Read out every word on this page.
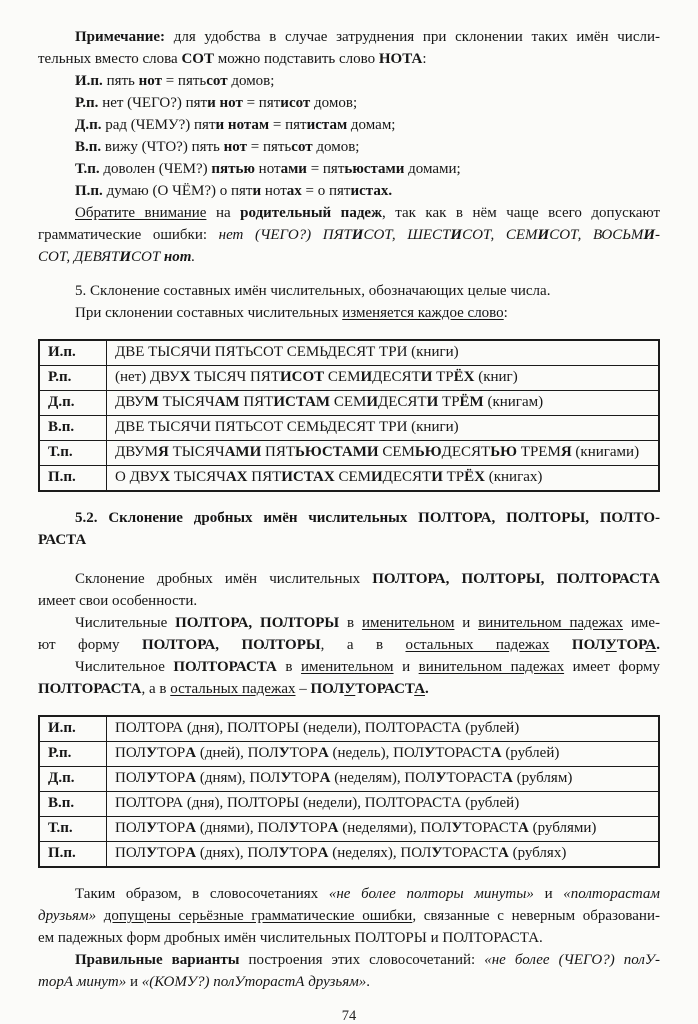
Примечание: для удобства в случае затруднения при склонении таких имён числи-
тельных вместо слова СОТ можно подставить слово НОТА:
И.п. пять нот = пятьсот домов;
Р.п. нет (ЧЕГО?) пяти нот = пятисот домов;
Д.п. рад (ЧЕМУ?) пяти нотам = пятистам домам;
В.п. вижу (ЧТО?) пять нот = пятьсот домов;
Т.п. доволен (ЧЕМ?) пятью нотами = пятьюстами домами;
П.п. думаю (О ЧЁМ?) о пяти нотах = о пятистах.
Обратите внимание на родительный падеж, так как в нём чаще всего допускают
грамматические ошибки: нет (ЧЕГО?) ПЯТИСОТ, ШЕСТИСОТ, СЕМИСОТ, ВОСЬМИ-
СОТ, ДЕВЯТИСОТ нот.
5. Склонение составных имён числительных, обозначающих целые числа.
При склонении составных числительных изменяется каждое слово:
И.п.	ДВЕ ТЫСЯЧИ ПЯТЬСОТ СЕМЬДЕСЯТ ТРИ (книги)
Р.п.	(нет) ДВУХ ТЫСЯЧ ПЯТИСОТ СЕМИДЕСЯТИ ТРЁХ (книг)
Д.п.	ДВУМ ТЫСЯЧАМ ПЯТИСТАМ СЕМИДЕСЯТИ ТРЁМ (книгам)
В.п.	ДВЕ ТЫСЯЧИ ПЯТЬСОТ СЕМЬДЕСЯТ ТРИ (книги)
Т.п.	ДВУМЯ ТЫСЯЧАМИ ПЯТЬЮСТАМИ СЕМЬЮДЕСЯТЬЮ ТРЕМЯ (книгами)
П.п.	О ДВУХ ТЫСЯЧАХ ПЯТИСТАХ СЕМИДЕСЯТИ ТРЁХ (книгах)
5.2. Склонение дробных имён числительных ПОЛТОРА, ПОЛТОРЫ, ПОЛТО-
РАСТА
Склонение дробных имён числительных ПОЛТОРА, ПОЛТОРЫ, ПОЛТОРАСТА
имеет свои особенности.
Числительные ПОЛТОРА, ПОЛТОРЫ в именительном и винительном падежах име-
ют форму ПОЛТОРА, ПОЛТОРЫ, а в остальных падежах ПОЛУТОРА.
Числительное ПОЛТОРАСТА в именительном и винительном падежах имеет форму
ПОЛТОРАСТА, а в остальных падежах – ПОЛУТОРАСТА.
И.п.	ПОЛТОРА (дня), ПОЛТОРЫ (недели), ПОЛТОРАСТА (рублей)
Р.п.	ПОЛУТОРА (дней), ПОЛУТОРА (недель), ПОЛУТОРАСТА (рублей)
Д.п.	ПОЛУТОРА (дням), ПОЛУТОРА (неделям), ПОЛУТОРАСТА (рублям)
В.п.	ПОЛТОРА (дня), ПОЛТОРЫ (недели), ПОЛТОРАСТА (рублей)
Т.п.	ПОЛУТОРА (днями), ПОЛУТОРА (неделями), ПОЛУТОРАСТА (рублями)
П.п.	ПОЛУТОРА (днях), ПОЛУТОРА (неделях), ПОЛУТОРАСТА (рублях)
Таким образом, в словосочетаниях «не более полторы минуты» и «полторастам
друзьям» допущены серьёзные грамматические ошибки, связанные с неверным образовани-
ем падежных форм дробных имён числительных ПОЛТОРЫ и ПОЛТОРАСТА.
Правильные варианты построения этих словосочетаний: «не более (ЧЕГО?) полУ-
торА минут» и «(КОМУ?) полУторастА друзьям».
74
